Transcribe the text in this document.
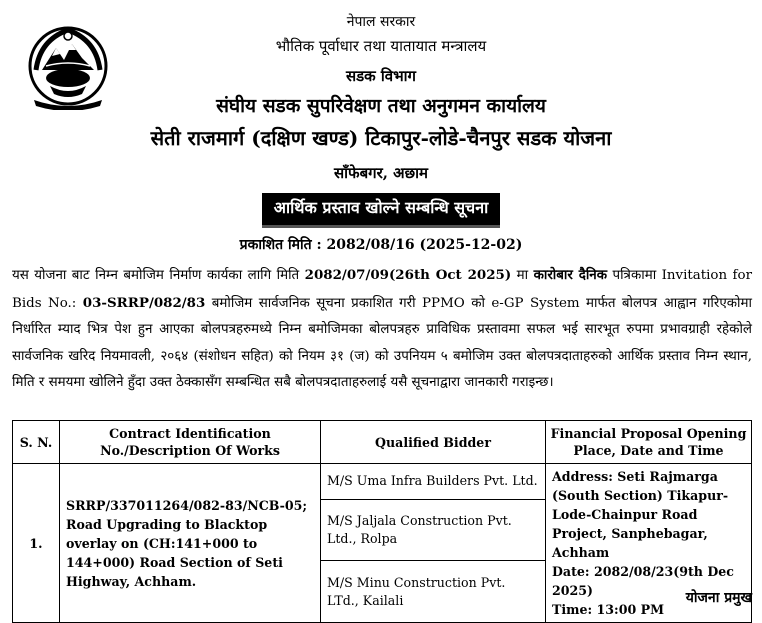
नेपाल सरकार
भौतिक पूर्वाधार तथा यातायात मन्त्रालय
सडक विभाग
संघीय सडक सुपरिवेक्षण तथा अनुगमन कार्यालय
सेती राजमार्ग (दक्षिण खण्ड) टिकापुर-लोडे-चैनपुर सडक योजना
साँफेबगर, अछाम
आर्थिक प्रस्ताव खोल्ने सम्बन्धि सूचना
प्रकाशित मिति : 2082/08/16 (2025-12-02)
यस योजना बाट निम्न बमोजिम निर्माण कार्यका लागि मिति 2082/07/09(26th Oct 2025) मा कारोबार दैनिक पत्रिकामा Invitation for Bids No.: 03-SRRP/082/83 बमोजिम सार्वजनिक सूचना प्रकाशित गरी PPMO को e-GP System मार्फत बोलपत्र आह्वान गरिएकोमा निर्धारित म्याद भित्र पेश हुन आएका बोलपत्रहरुमध्ये निम्न बमोजिमका बोलपत्रहरु प्राविधिक प्रस्तावमा सफल भई सारभूत रुपमा प्रभावग्राही रहेकोले सार्वजनिक खरिद नियमावली, २०६४ (संशोधन सहित) को नियम ३१ (ज) को उपनियम ५ बमोजिम उक्त बोलपत्रदाताहरुको आर्थिक प्रस्ताव निम्न स्थान, मिति र समयमा खोलिने हुँदा उक्त ठेक्कासँग सम्बन्धित सबै बोलपत्रदाताहरुलाई यसै सूचनाद्वारा जानकारी गराइन्छ।
S. N.	Contract Identification No./Description Of Works	Qualified Bidder	Financial Proposal Opening Place, Date and Time
1.	SRRP/337011264/082-83/NCB-05; Road Upgrading to Blacktop overlay on (CH:141+000 to 144+000) Road Section of Seti Highway, Achham.	M/S Uma Infra Builders Pvt. Ltd.	Address: Seti Rajmarga (South Section) Tikapur-Lode-Chainpur Road Project, Sanphebagar, Achham
Date: 2082/08/23(9th Dec 2025)
Time: 13:00 PM

		M/S Jaljala Construction Pvt. Ltd., Rolpa	
		M/S Minu Construction Pvt. LTd., Kailali		योजना प्रमुख
